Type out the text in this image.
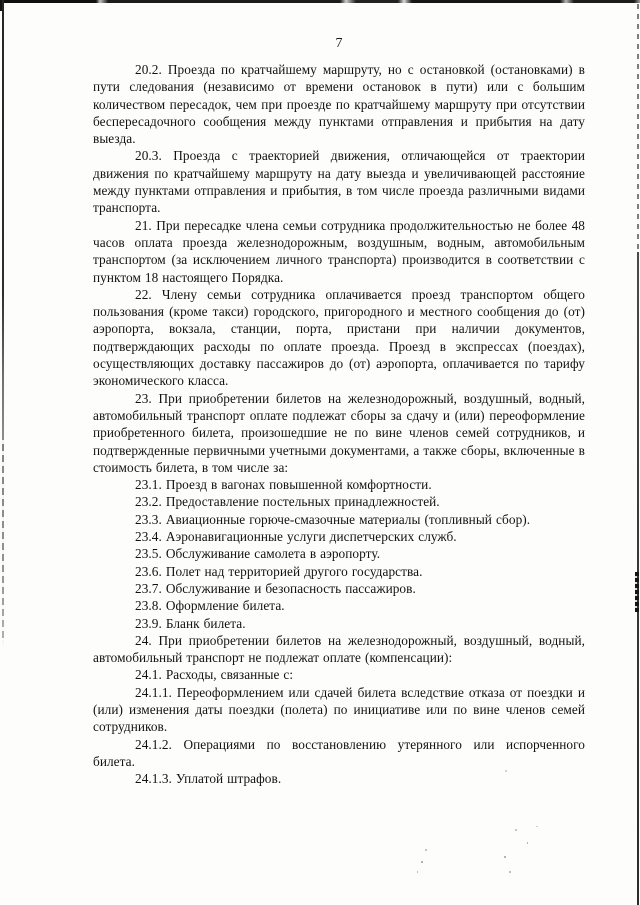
7

20.2. Проезда по кратчайшему маршруту, но с остановкой (остановками) в пути следования (независимо от времени остановок в пути) или с большим количеством пересадок, чем при проезде по кратчайшему маршруту при отсутствии беспересадочного сообщения между пунктами отправления и прибытия на дату выезда.

20.3. Проезда с траекторией движения, отличающейся от траектории движения по кратчайшему маршруту на дату выезда и увеличивающей расстояние между пунктами отправления и прибытия, в том числе проезда различными видами транспорта.

21. При пересадке члена семьи сотрудника продолжительностью не более 48 часов оплата проезда железнодорожным, воздушным, водным, автомобильным транспортом (за исключением личного транспорта) производится в соответствии с пунктом 18 настоящего Порядка.

22. Члену семьи сотрудника оплачивается проезд транспортом общего пользования (кроме такси) городского, пригородного и местного сообщения до (от) аэропорта, вокзала, станции, порта, пристани при наличии документов, подтверждающих расходы по оплате проезда. Проезд в экспрессах (поездах), осуществляющих доставку пассажиров до (от) аэропорта, оплачивается по тарифу экономического класса.

23. При приобретении билетов на железнодорожный, воздушный, водный, автомобильный транспорт оплате подлежат сборы за сдачу и (или) переоформление приобретенного билета, произошедшие не по вине членов семей сотрудников, и подтвержденные первичными учетными документами, а также сборы, включенные в стоимость билета, в том числе за:

23.1. Проезд в вагонах повышенной комфортности.

23.2. Предоставление постельных принадлежностей.

23.3. Авиационные горюче-смазочные материалы (топливный сбор).

23.4. Аэронавигационные услуги диспетчерских служб.

23.5. Обслуживание самолета в аэропорту.

23.6. Полет над территорией другого государства.

23.7. Обслуживание и безопасность пассажиров.

23.8. Оформление билета.

23.9. Бланк билета.

24. При приобретении билетов на железнодорожный, воздушный, водный, автомобильный транспорт не подлежат оплате (компенсации):

24.1. Расходы, связанные с:

24.1.1. Переоформлением или сдачей билета вследствие отказа от поездки и (или) изменения даты поездки (полета) по инициативе или по вине членов семей сотрудников.

24.1.2. Операциями по восстановлению утерянного или испорченного билета.

24.1.3. Уплатой штрафов.
